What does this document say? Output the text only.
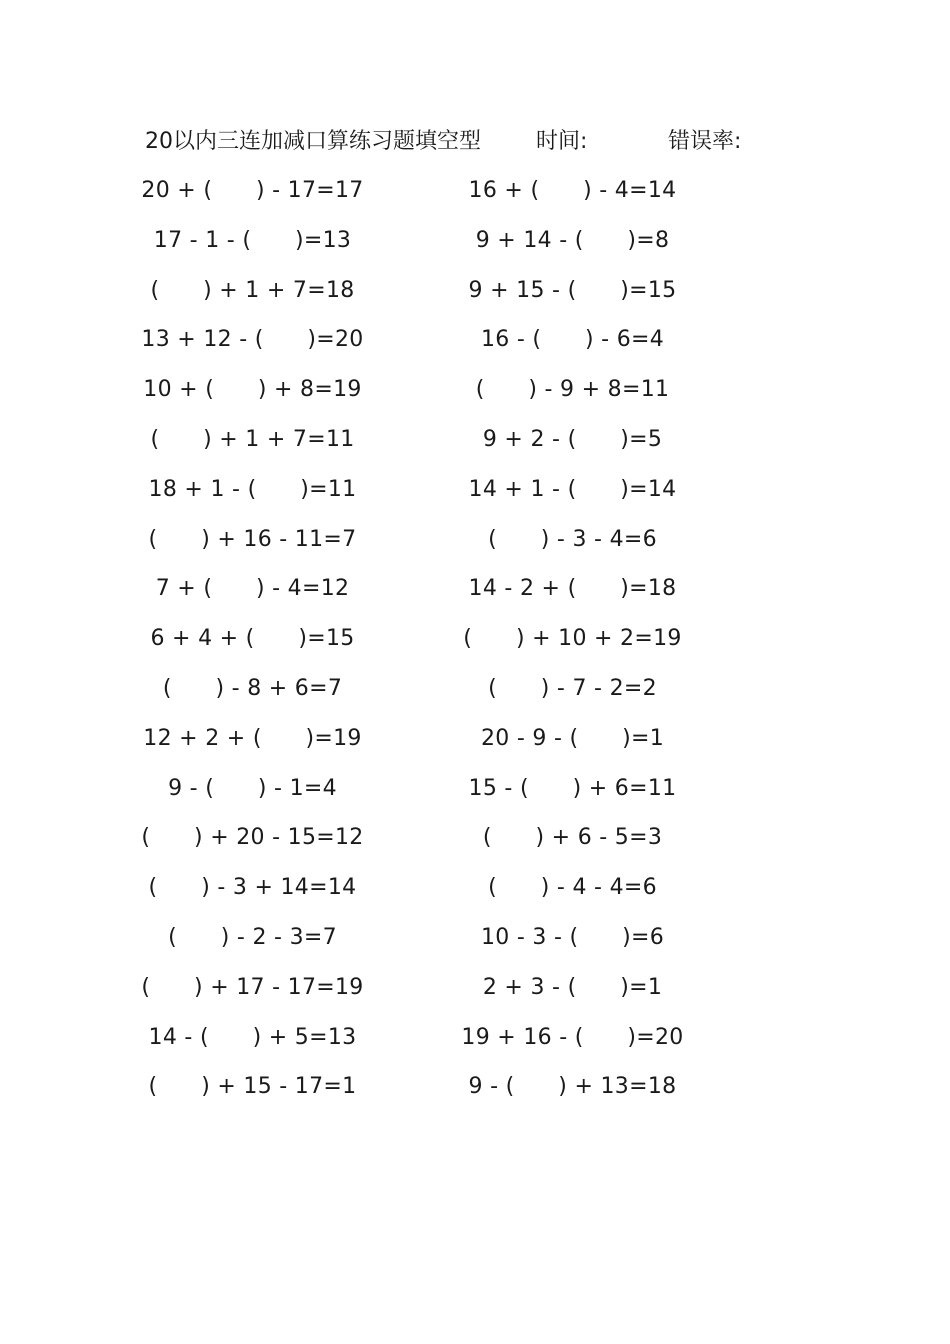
20以内三连加减口算练习题填空型	时间:	错误率:
20 + (      ) - 17=17
17 - 1 - (      )=13
(      ) + 1 + 7=18
13 + 12 - (      )=20
10 + (      ) + 8=19
(      ) + 1 + 7=11
18 + 1 - (      )=11
(      ) + 16 - 11=7
7 + (      ) - 4=12
6 + 4 + (      )=15
(      ) - 8 + 6=7
12 + 2 + (      )=19
9 - (      ) - 1=4
(      ) + 20 - 15=12
(      ) - 3 + 14=14
(      ) - 2 - 3=7
(      ) + 17 - 17=19
14 - (      ) + 5=13
(      ) + 15 - 17=1
16 + (      ) - 4=14
9 + 14 - (      )=8
9 + 15 - (      )=15
16 - (      ) - 6=4
(      ) - 9 + 8=11
9 + 2 - (      )=5
14 + 1 - (      )=14
(      ) - 3 - 4=6
14 - 2 + (      )=18
(      ) + 10 + 2=19
(      ) - 7 - 2=2
20 - 9 - (      )=1
15 - (      ) + 6=11
(      ) + 6 - 5=3
(      ) - 4 - 4=6
10 - 3 - (      )=6
2 + 3 - (      )=1
19 + 16 - (      )=20
9 - (      ) + 13=18
